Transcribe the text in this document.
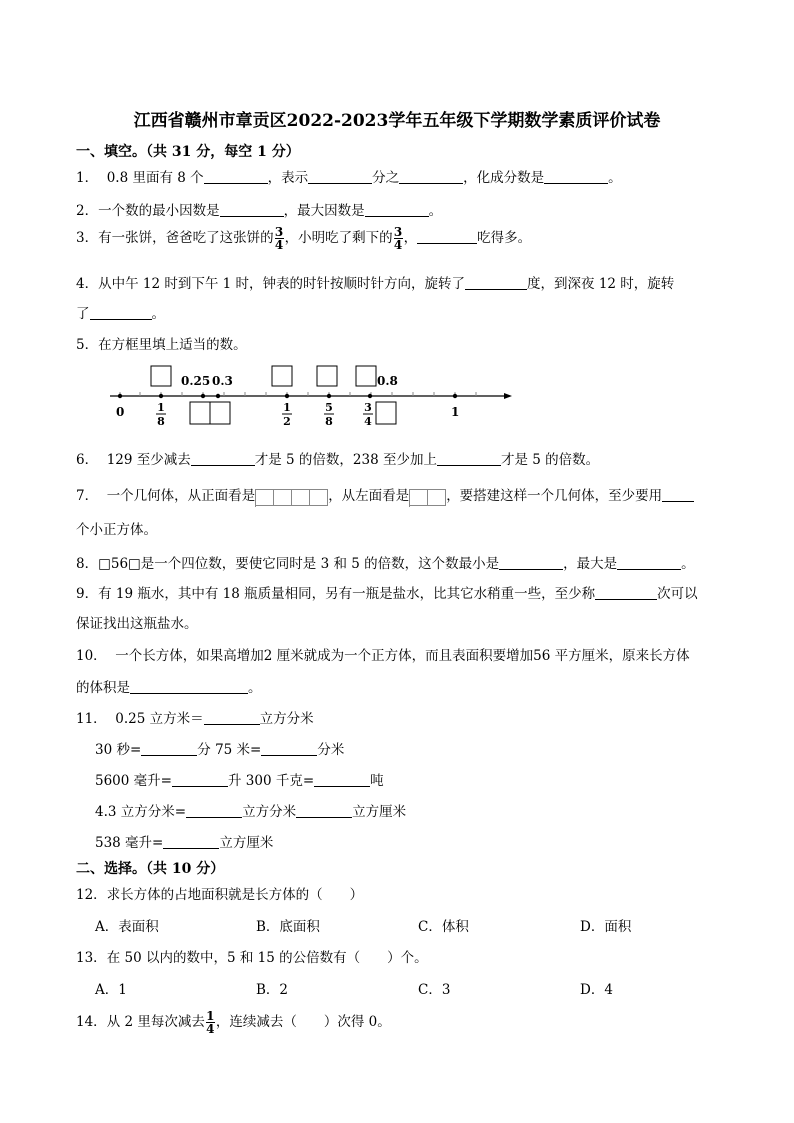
江西省赣州市章贡区2022-2023学年五年级下学期数学素质评价试卷
一、填空。（共 31 分，每空 1 分）
1． 0.8 里面有 8 个	，表示	分之	，化成分数是	。
2．一个数的最小因数是	，最大因数是	。
3．有一张饼，爸爸吃了这张饼的 $\frac{3}{4}$ ，小明吃了剩下的 $\frac{3}{4}$ ，	吃得多。
4．从中午 12 时到下午 1 时，钟表的时针按顺时针方向，旋转了	度，到深夜 12 时，旋转
了	。
5．在方框里填上适当的数。
0.25 0.3	0.8
0	1
1
8
1
2
5
8
3
4
6． 129 至少减去	才是 5 的倍数，238 至少加上	才是 5 的倍数。
7． 一个几何体，从正面看是	，从左面看是	，要搭建这样一个几何体，至少要用
个小正方体。
8．□56□是一个四位数，要使它同时是 3 和 5 的倍数，这个数最小是	，最大是	。
9．有 19 瓶水，其中有 18 瓶质量相同，另有一瓶是盐水，比其它水稍重一些，至少称	次可以
保证找出这瓶盐水。
10． 一个长方体，如果高增加2 厘米就成为一个正方体，而且表面积要增加56 平方厘米，原来长方体
的体积是	。
11． 0.25 立方米＝	立方分米
30 秒=	分 75 米=	分米
5600 毫升=	升 300 千克=	吨
4.3 立方分米=	立方分米	立方厘米
538 毫升=	立方厘米
二、选择。（共 10 分）
12．求长方体的占地面积就是长方体的（　　）
A．表面积	B．底面积	C．体积	D．面积
13．在 50 以内的数中，5 和 15 的公倍数有（　　）个。
A．1	B．2	C．3	D．4
14．从 2 里每次减去 $\frac{1}{4}$ ，连续减去（　　）次得 0。
